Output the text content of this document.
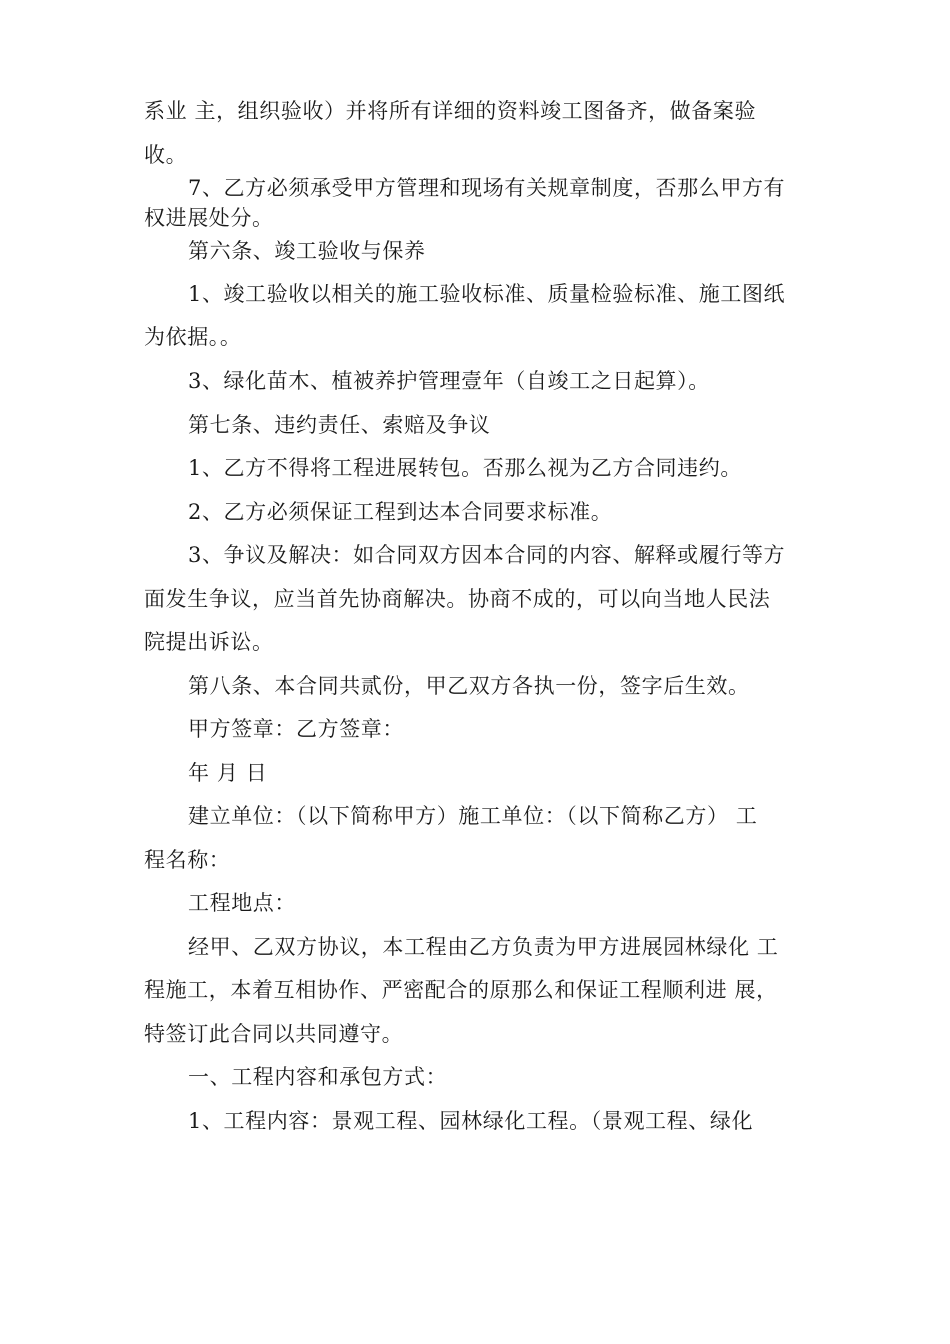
系业 主，组织验收）并将所有详细的资料竣工图备齐，做备案验
收。
7、乙方必须承受甲方管理和现场有关规章制度，否那么甲方有
权进展处分。
第六条、竣工验收与保养
1、竣工验收以相关的施工验收标准、质量检验标准、施工图纸
为依据。。
3、绿化苗木、植被养护管理壹年（自竣工之日起算）。
第七条、违约责任、索赔及争议
1、乙方不得将工程进展转包。否那么视为乙方合同违约。
2、乙方必须保证工程到达本合同要求标准。
3、争议及解决：如合同双方因本合同的内容、解释或履行等方
面发生争议，应当首先协商解决。协商不成的，可以向当地人民法
院提出诉讼。
第八条、本合同共贰份，甲乙双方各执一份，签字后生效。
甲方签章：乙方签章：
年 月 日
建立单位：（以下简称甲方）施工单位：（以下简称乙方） 工
程名称：
工程地点：
经甲、乙双方协议，本工程由乙方负责为甲方进展园林绿化 工
程施工，本着互相协作、严密配合的原那么和保证工程顺利进 展，
特签订此合同以共同遵守。
一、工程内容和承包方式：
1、工程内容：景观工程、园林绿化工程。（景观工程、绿化
